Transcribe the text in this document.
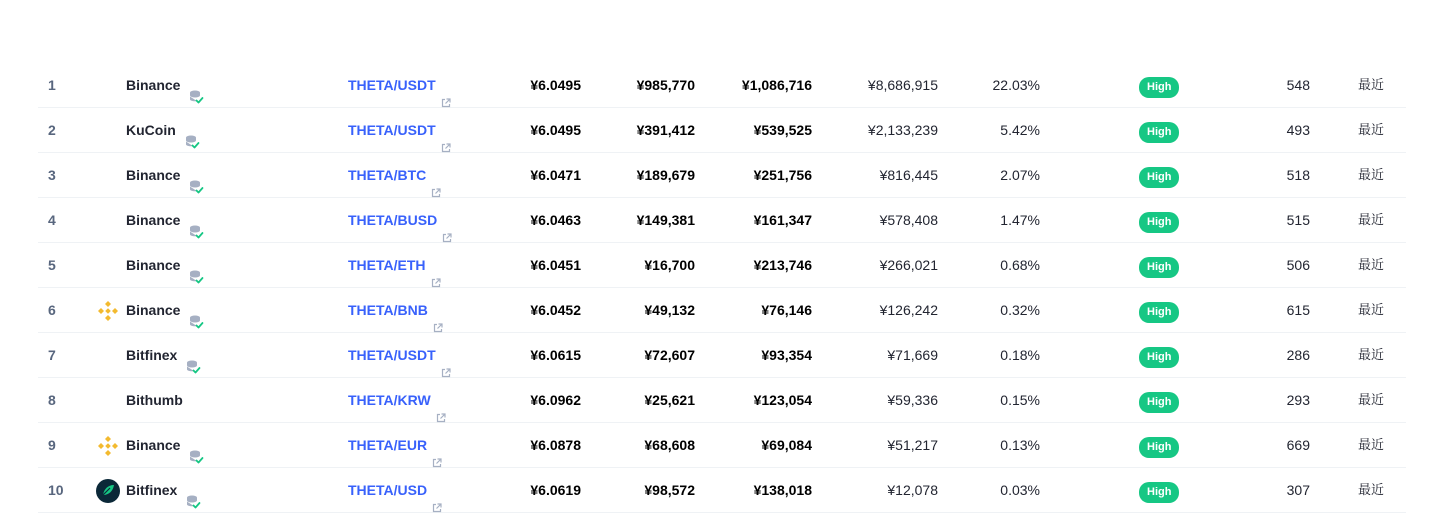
1	Binance	THETA/USDT	¥6.0495	¥985,770	¥1,086,716	¥8,686,915	22.03%	High	548	最近
2	KuCoin	THETA/USDT	¥6.0495	¥391,412	¥539,525	¥2,133,239	5.42%	High	493	最近
3	Binance	THETA/BTC	¥6.0471	¥189,679	¥251,756	¥816,445	2.07%	High	518	最近
4	Binance	THETA/BUSD	¥6.0463	¥149,381	¥161,347	¥578,408	1.47%	High	515	最近
5	Binance	THETA/ETH	¥6.0451	¥16,700	¥213,746	¥266,021	0.68%	High	506	最近
6	Binance	THETA/BNB	¥6.0452	¥49,132	¥76,146	¥126,242	0.32%	High	615	最近
7	Bitfinex	THETA/USDT	¥6.0615	¥72,607	¥93,354	¥71,669	0.18%	High	286	最近
8	Bithumb	THETA/KRW	¥6.0962	¥25,621	¥123,054	¥59,336	0.15%	High	293	最近
9	Binance	THETA/EUR	¥6.0878	¥68,608	¥69,084	¥51,217	0.13%	High	669	最近
10	Bitfinex	THETA/USD	¥6.0619	¥98,572	¥138,018	¥12,078	0.03%	High	307	最近
